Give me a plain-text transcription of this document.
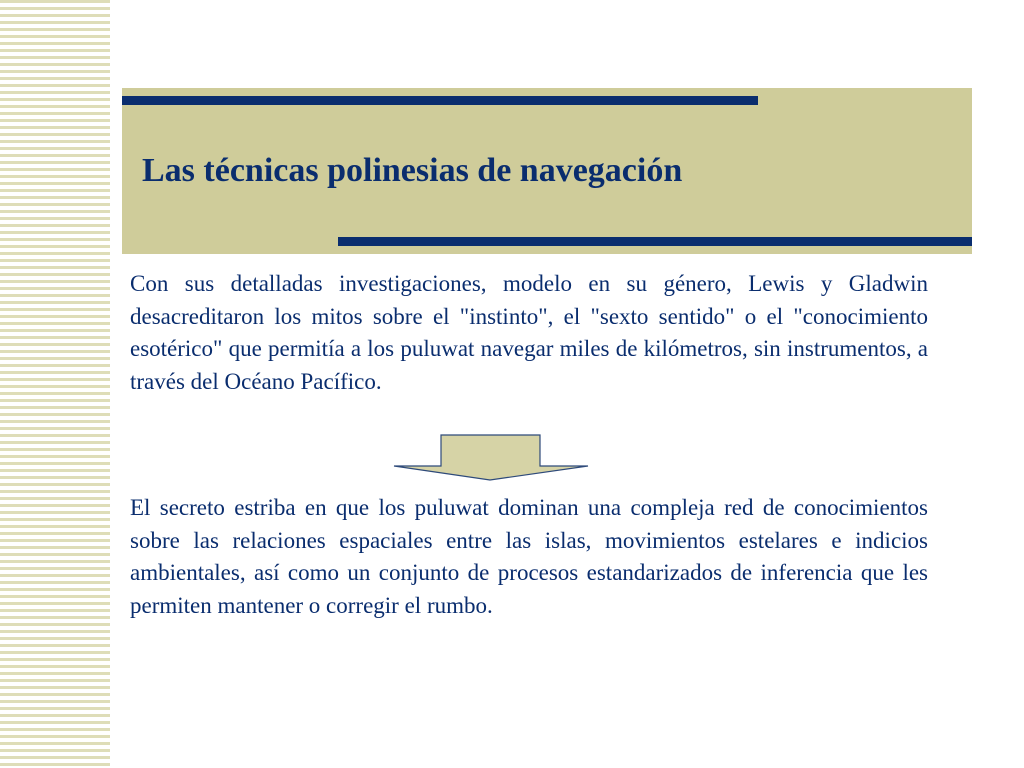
Las técnicas polinesias de navegación

Con sus detalladas investigaciones, modelo en su género, Lewis y Gladwin desacreditaron los mitos sobre el "instinto", el "sexto sentido" o el "conocimiento esotérico" que permitía a los puluwat navegar miles de kilómetros, sin instrumentos, a través del Océano Pacífico.

El secreto estriba en que los puluwat dominan una compleja red de conocimientos sobre las relaciones espaciales entre las islas, movimientos estelares e indicios ambientales, así como un conjunto de procesos estandarizados de inferencia que les permiten mantener o corregir el rumbo.
